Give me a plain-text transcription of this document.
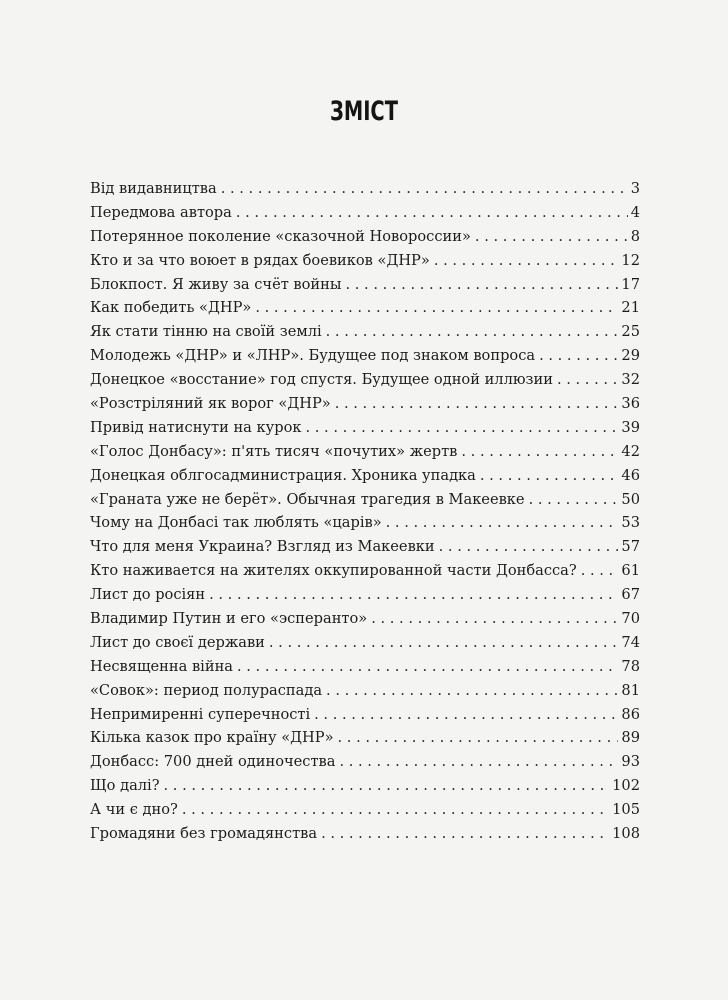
ЗМІСТ
Від видавництва . . .	3
Передмова автора . . .	4
Потерянное поколение «сказочной Новороссии» . . .	8
Кто и за что воюет в рядах боевиков «ДНР» . . .	12
Блокпост. Я живу за счёт войны . . .	17
Как победить «ДНР» . . .	21
Як стати тінню на своїй землі . . .	25
Молодежь «ДНР» и «ЛНР». Будущее под знаком вопроса . . .	29
Донецкое «восстание» год спустя. Будущее одной иллюзии . . .	32
«Розстріляний як ворог «ДНР» . . .	36
Привід натиснути на курок . . .	39
«Голос Донбасу»: п'ять тисяч «почутих» жертв . . .	42
Донецкая облгосадминистрация. Хроника упадка . . .	46
«Граната уже не берёт». Обычная трагедия в Макеевке . . .	50
Чому на Донбасі так люблять «царів» . . .	53
Что для меня Украина? Взгляд из Макеевки . . .	57
Кто наживается на жителях оккупированной части Донбасса? . . .	61
Лист до росіян . . .	67
Владимир Путин и его «эсперанто» . . .	70
Лист до своєї держави . . .	74
Несвященна війна . . .	78
«Совок»: период полураспада . . .	81
Непримиренні суперечності . . .	86
Кілька казок про країну «ДНР» . . .	89
Донбасс: 700 дней одиночества . . .	93
Що далі? . . .	102
А чи є дно? . . .	105
Громадяни без громадянства . . .	108
